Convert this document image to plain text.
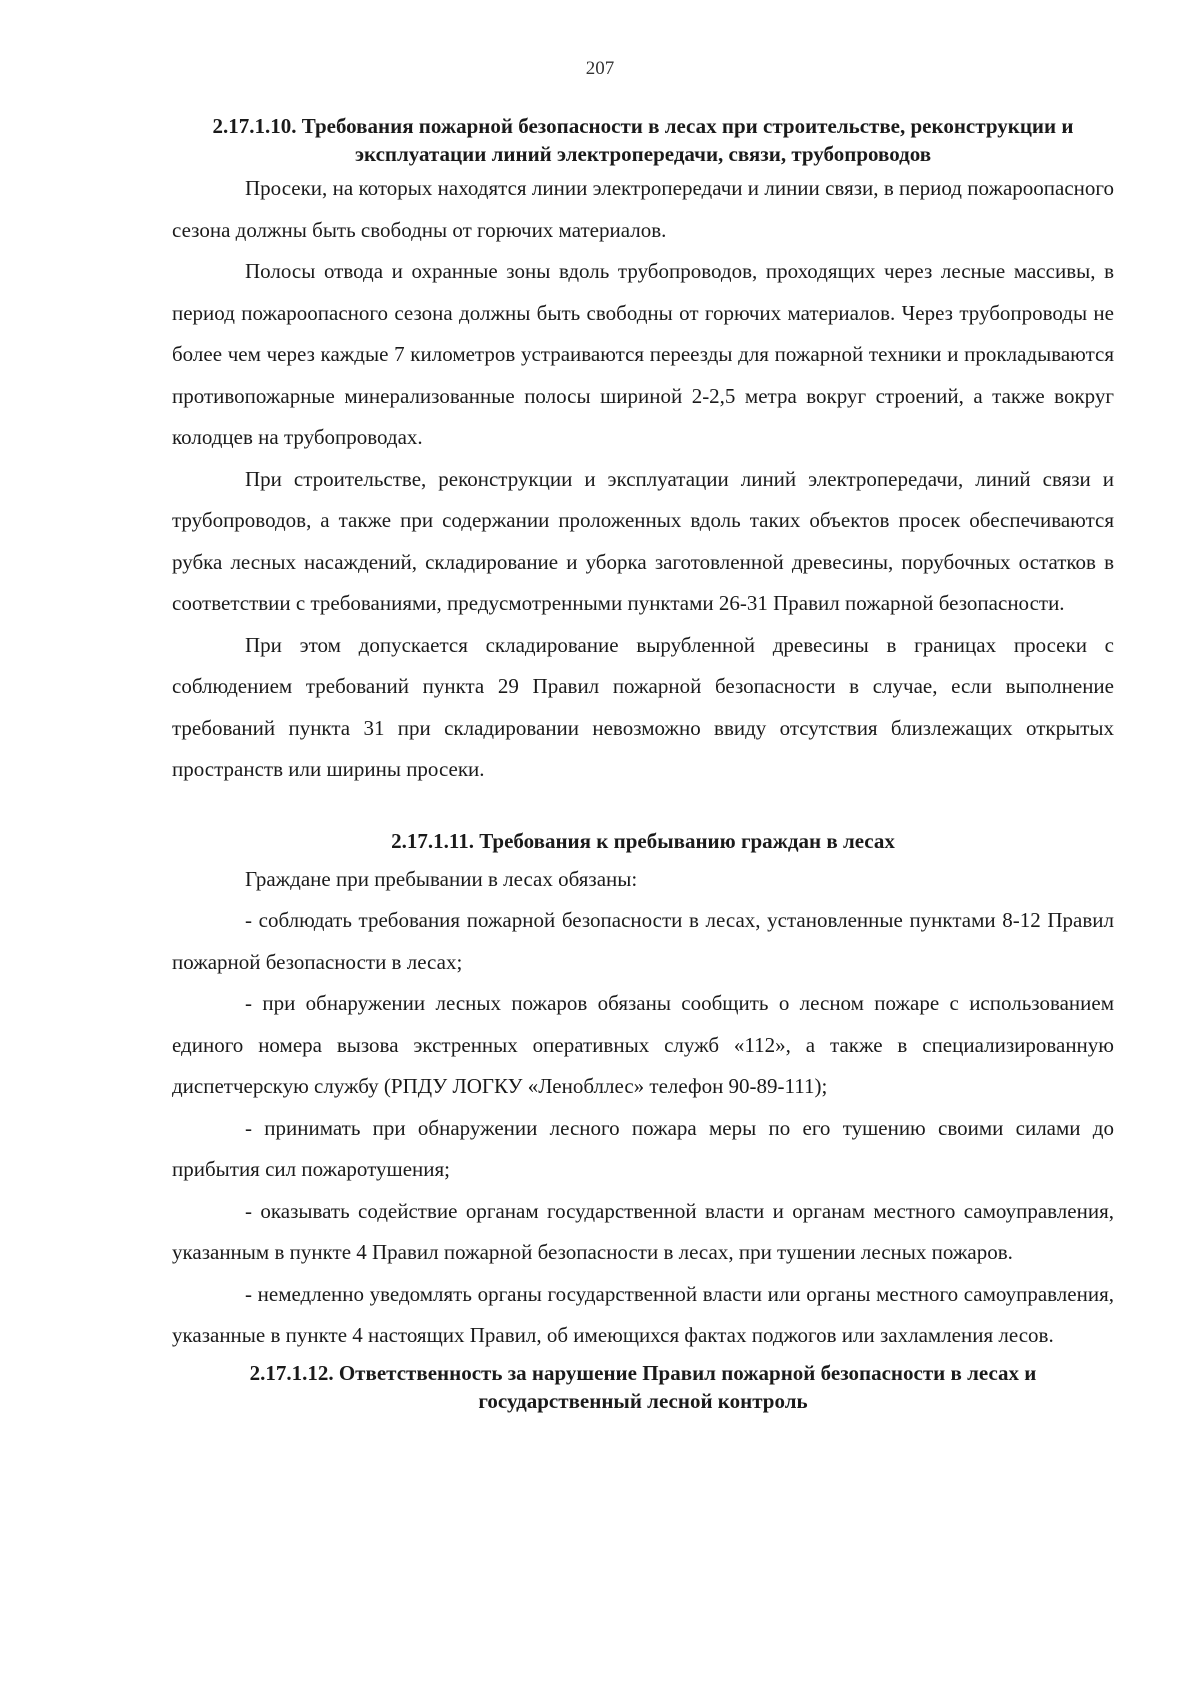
207
2.17.1.10. Требования пожарной безопасности в лесах при строительстве, реконструкции и эксплуатации линий электропередачи, связи, трубопроводов

Просеки, на которых находятся линии электропередачи и линии связи, в период пожароопасного сезона должны быть свободны от горючих материалов.

Полосы отвода и охранные зоны вдоль трубопроводов, проходящих через лесные массивы, в период пожароопасного сезона должны быть свободны от горючих материалов. Через трубопроводы не более чем через каждые 7 километров устраиваются переезды для пожарной техники и прокладываются противопожарные минерализованные полосы шириной 2-2,5 метра вокруг строений, а также вокруг колодцев на трубопроводах.

При строительстве, реконструкции и эксплуатации линий электропередачи, линий связи и трубопроводов, а также при содержании проложенных вдоль таких объектов просек обеспечиваются рубка лесных насаждений, складирование и уборка заготовленной древесины, порубочных остатков в соответствии с требованиями, предусмотренными пунктами 26-31 Правил пожарной безопасности.

При этом допускается складирование вырубленной древесины в границах просеки с соблюдением требований пункта 29 Правил пожарной безопасности в случае, если выполнение требований пункта 31 при складировании невозможно ввиду отсутствия близлежащих открытых пространств или ширины просеки.

2.17.1.11. Требования к пребыванию граждан в лесах

Граждане при пребывании в лесах обязаны:

- соблюдать требования пожарной безопасности в лесах, установленные пунктами 8-12 Правил пожарной безопасности в лесах;

- при обнаружении лесных пожаров обязаны сообщить о лесном пожаре с использованием единого номера вызова экстренных оперативных служб «112», а также в специализированную диспетчерскую службу (РПДУ ЛОГКУ «Ленобллес» телефон 90-89-111);

- принимать при обнаружении лесного пожара меры по его тушению своими силами до прибытия сил пожаротушения;

- оказывать содействие органам государственной власти и органам местного самоуправления, указанным в пункте 4 Правил пожарной безопасности в лесах, при тушении лесных пожаров.

- немедленно уведомлять органы государственной власти или органы местного самоуправления, указанные в пункте 4 настоящих Правил, об имеющихся фактах поджогов или захламления лесов.

2.17.1.12. Ответственность за нарушение Правил пожарной безопасности в лесах и государственный лесной контроль
